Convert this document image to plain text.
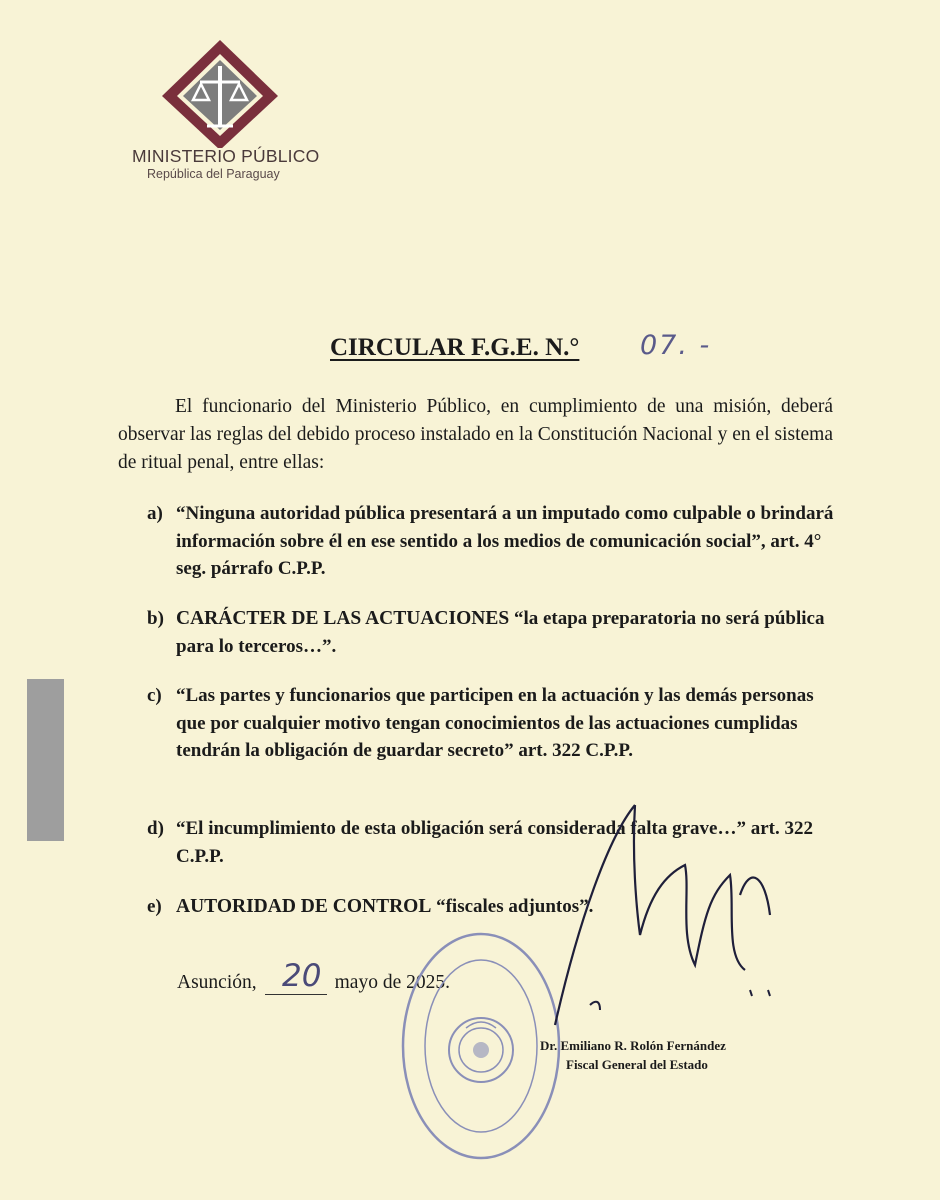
MINISTERIO PÚBLICO
República del Paraguay
CIRCULAR F.G.E. N.° 07. -
El funcionario del Ministerio Público, en cumplimiento de una misión, deberá observar las reglas del debido proceso instalado en la Constitución Nacional y en el sistema de ritual penal, entre ellas:
a) “Ninguna autoridad pública presentará a un imputado como culpable o brindará información sobre él en ese sentido a los medios de comunicación social”, art. 4° seg. párrafo C.P.P.
b) CARÁCTER DE LAS ACTUACIONES “la etapa preparatoria no será pública para lo terceros…”.
c) “Las partes y funcionarios que participen en la actuación y las demás personas que por cualquier motivo tengan conocimientos de las actuaciones cumplidas tendrán la obligación de guardar secreto” art. 322 C.P.P.
d) “El incumplimiento de esta obligación será considerada falta grave…” art. 322 C.P.P.
e) AUTORIDAD DE CONTROL “fiscales adjuntos”.
Asunción,	mayo de 2025.
20
Dr. Emiliano R. Rolón Fernández
Fiscal General del Estado
